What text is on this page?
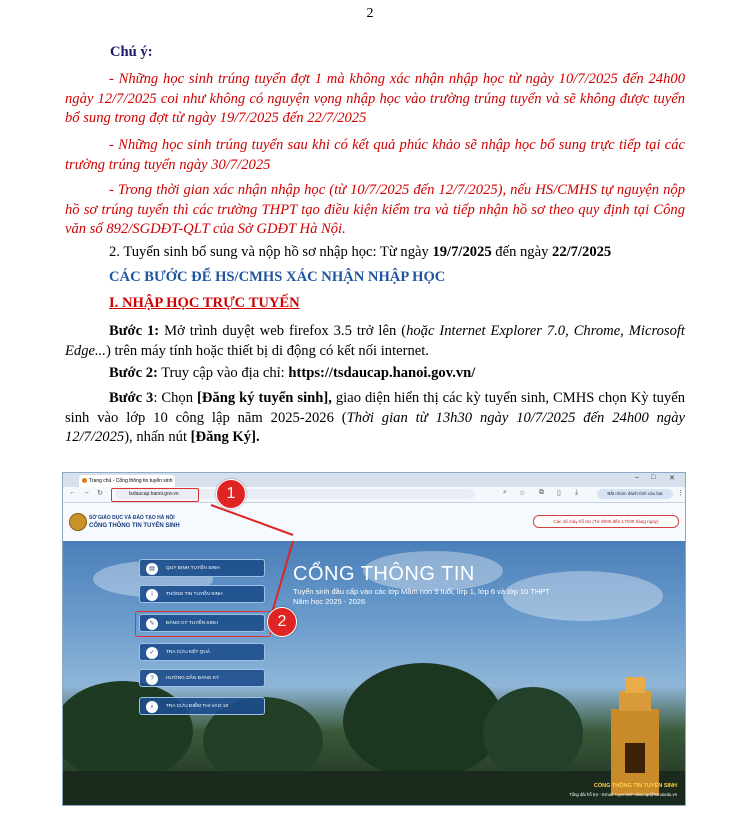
2
Chú ý:
- Những học sinh trúng tuyển đợt 1 mà không xác nhận nhập học từ ngày 10/7/2025 đến 24h00 ngày 12/7/2025 coi như không có nguyện vọng nhập học vào trường trúng tuyển và sẽ không được tuyển bổ sung trong đợt từ ngày 19/7/2025 đến 22/7/2025
- Những học sinh trúng tuyển sau khi có kết quả phúc khảo sẽ nhập học bổ sung trực tiếp tại các trường trúng tuyển ngày 30/7/2025
- Trong thời gian xác nhận nhập học (từ 10/7/2025 đến 12/7/2025), nếu HS/CMHS tự nguyện nộp hồ sơ trúng tuyển thì các trường THPT tạo điều kiện kiểm tra và tiếp nhận hồ sơ theo quy định tại Công văn số 892/SGDĐT-QLT của Sở GDĐT Hà Nội.
2. Tuyển sinh bổ sung và nộp hồ sơ nhập học: Từ ngày 19/7/2025 đến ngày 22/7/2025
CÁC BƯỚC ĐỂ HS/CMHS XÁC NHẬN NHẬP HỌC
I. NHẬP HỌC TRỰC TUYẾN
Bước 1: Mở trình duyệt web firefox 3.5 trở lên (hoặc Internet Explorer 7.0, Chrome, Microsoft Edge...) trên máy tính hoặc thiết bị di động có kết nối internet.
Bước 2: Truy cập vào địa chỉ: https://tsdaucap.hanoi.gov.vn/
Bước 3: Chọn [Đăng ký tuyển sinh], giao diện hiển thị các kỳ tuyển sinh, CMHS chọn Kỳ tuyển sinh vào lớp 10 công lập năm 2025-2026 (Thời gian từ 13h30 ngày 10/7/2025 đến 24h00 ngày 12/7/2025), nhấn nút [Đăng Ký].
Trang chủ - Cổng thông tin tuyển sinh	– □ ✕
← → ↻	tsdaucap.hanoi.gov.vn	⌕ ☆ ⧉ ▯ ⤓	Bắt nhóm đánh tình cảu bạt	⋮
SỞ GIÁO DỤC VÀ ĐÀO TẠO HÀ NỘI
CỔNG THÔNG TIN TUYỂN SINH
Các số máy hỗ trợ (Từ 8h00 đến 17h00 hàng ngày)
▤	QUY ĐỊNH TUYỂN SINH
i	THÔNG TIN TUYỂN SINH
✎	ĐĂNG KÝ TUYỂN SINH
✓	TRA CỨU KẾT QUẢ
?	HƯỚNG DẪN ĐĂNG KÝ
⌕	TRA CỨU ĐIỂM THI VÀO 10
CỔNG THÔNG TIN
Tuyển sinh đầu cấp vào các lớp Mầm non 5 tuổi, lớp 1, lớp 6 và lớp 10 THPT
Năm học 2025 - 2026
CỔNG THÔNG TIN TUYỂN SINH
Tổng đài hỗ trợ - Email: tuyensinh-daucap@hanoiedu.vn
1
2
